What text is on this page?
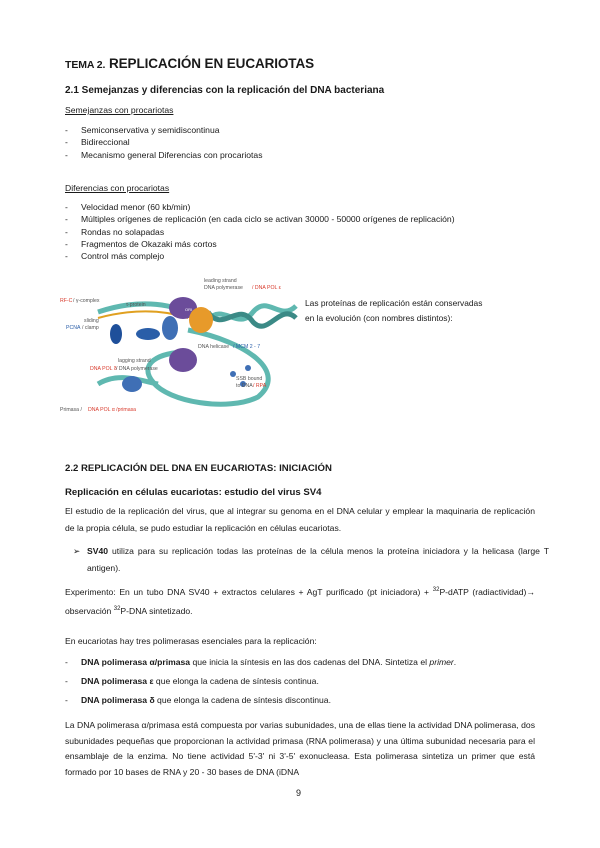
TEMA 2. REPLICACIÓN EN EUCARIOTAS
2.1 Semejanzas y diferencias con la replicación del DNA bacteriana
Semejanzas con procariotas
- Semiconservativa y semidiscontinua
- Bidireccional
- Mecanismo general Diferencias con procariotas
Diferencias con procariotas
- Velocidad menor (60 kb/min)
- Múltiples orígenes de replicación (en cada ciclo se activan 30000 - 50000 orígenes de replicación)
- Rondas no solapadas
- Fragmentos de Okazaki más cortos
- Control más complejo
ORI
leading strand
DNA polymerase / DNA POL ε
RF-C / γ-complex
τ-protein
sliding
PCNA / clamp
DNA helicase / MCM 2 - 7
lagging strand
DNA POL δ / DNA polymerase
SSB bound
to DNA / RPA
Primasa / DNA POL α /primasa
Las proteínas de replicación están conservadas
en la evolución (con nombres distintos):
2.2 REPLICACIÓN DEL DNA EN EUCARIOTAS: INICIACIÓN
Replicación en células eucariotas: estudio del virus SV4
El estudio de la replicación del virus, que al integrar su genoma en el DNA celular y emplear la maquinaria de replicación de la propia célula, se pudo estudiar la replicación en células eucariotas.
➢ SV40 utiliza para su replicación todas las proteínas de la célula menos la proteína iniciadora y la helicasa (large T antigen).
Experimento: En un tubo DNA SV40 + extractos celulares + AgT purificado (pt iniciadora) + $^{32}$P-dATP (radiactividad)→ observación $^{32}$P-DNA sintetizado.
En eucariotas hay tres polimerasas esenciales para la replicación:
- DNA polimerasa α/primasa que inicia la síntesis en las dos cadenas del DNA. Sintetiza el primer.
- DNA polimerasa ε que elonga la cadena de síntesis continua.
- DNA polimerasa δ que elonga la cadena de síntesis discontinua.
La DNA polimerasa α/primasa está compuesta por varias subunidades, una de ellas tiene la actividad DNA polimerasa, dos subunidades pequeñas que proporcionan la actividad primasa (RNA polimerasa) y una última subunidad necesaria para el ensamblaje de la enzima. No tiene actividad 5'-3' ni 3'-5' exonucleasa. Esta polimerasa sintetiza un primer que está formado por 10 bases de RNA y 20 - 30 bases de DNA (iDNA
9
